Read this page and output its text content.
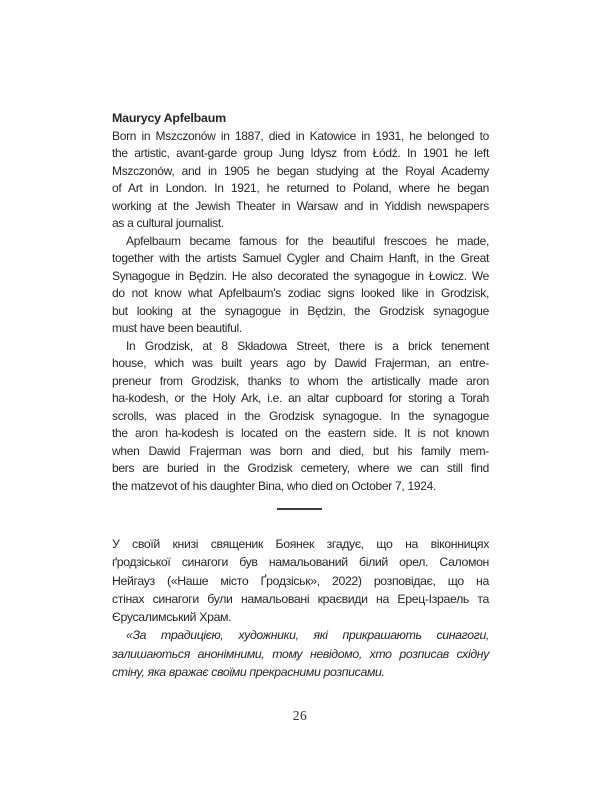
Maurycy Apfelbaum

Born in Mszczonów in 1887, died in Katowice in 1931, he belonged to
the artistic, avant-garde group Jung Idysz from Łódź. In 1901 he left
Mszczonów, and in 1905 he began studying at the Royal Academy
of Art in London. In 1921, he returned to Poland, where he began
working at the Jewish Theater in Warsaw and in Yiddish newspapers
as a cultural journalist.

Apfelbaum became famous for the beautiful frescoes he made,
together with the artists Samuel Cygler and Chaim Hanft, in the Great
Synagogue in Będzin. He also decorated the synagogue in Łowicz. We
do not know what Apfelbaum's zodiac signs looked like in Grodzisk,
but looking at the synagogue in Będzin, the Grodzisk synagogue
must have been beautiful.

In Grodzisk, at 8 Składowa Street, there is a brick tenement
house, which was built years ago by Dawid Frajerman, an entre-
preneur from Grodzisk, thanks to whom the artistically made aron
ha-kodesh, or the Holy Ark, i.e. an altar cupboard for storing a Torah
scrolls, was placed in the Grodzisk synagogue. In the synagogue
the aron ha-kodesh is located on the eastern side. It is not known
when Dawid Frajerman was born and died, but his family mem-
bers are buried in the Grodzisk cemetery, where we can still find
the matzevot of his daughter Bina, who died on October 7, 1924.

У своїй книзі священик Боянек згадує, що на віконницях
ґродзіської синагоги був намальований білий орел. Саломон
Нейгауз («Наше місто Ґродзіськ», 2022) розповідає, що на
стінах синагоги були намальовані краєвиди на Ерец-Ізраель та
Єрусалимський Храм.

«За традицією, художники, які прикрашають синагоги,
залишаються анонімними, тому невідомо, хто розписав східну
стіну, яка вражає своїми прекрасними розписами.

26
